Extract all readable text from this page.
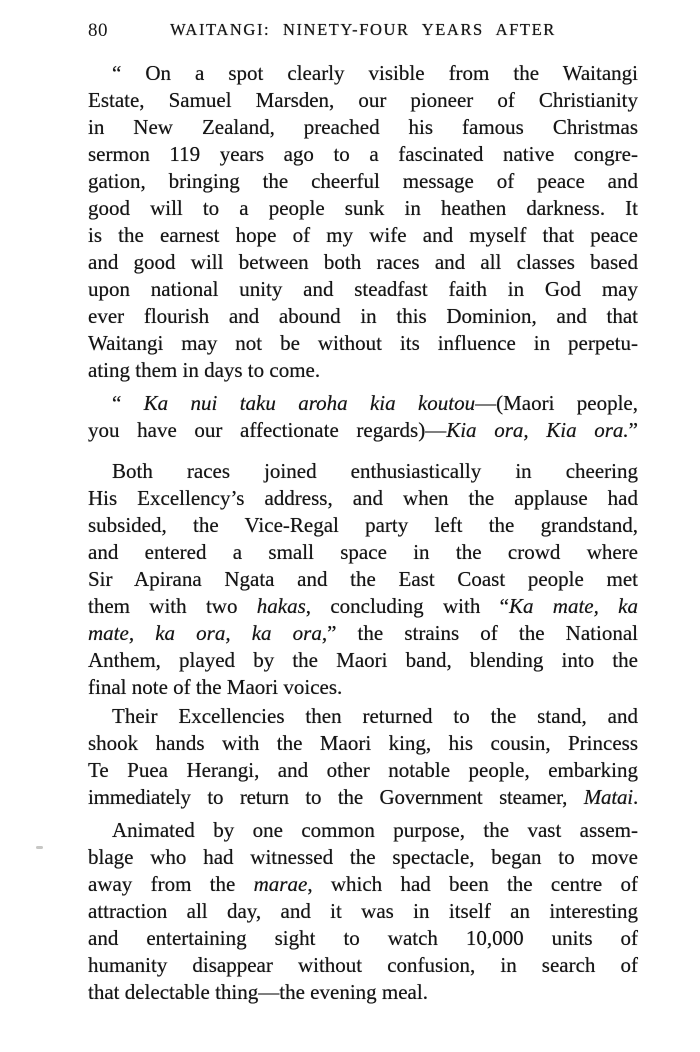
80	WAITANGI: NINETY-FOUR YEARS AFTER
“ On a spot clearly visible from the Waitangi
Estate, Samuel Marsden, our pioneer of Christianity
in New Zealand, preached his famous Christmas
sermon 119 years ago to a fascinated native congre-
gation, bringing the cheerful message of peace and
good will to a people sunk in heathen darkness. It
is the earnest hope of my wife and myself that peace
and good will between both races and all classes based
upon national unity and steadfast faith in God may
ever flourish and abound in this Dominion, and that
Waitangi may not be without its influence in perpetu-
ating them in days to come.
“ Ka nui taku aroha kia koutou—(Maori people,
you have our affectionate regards)—Kia ora, Kia ora.”
Both races joined enthusiastically in cheering
His Excellency’s address, and when the applause had
subsided, the Vice-Regal party left the grandstand,
and entered a small space in the crowd where
Sir Apirana Ngata and the East Coast people met
them with two hakas, concluding with “Ka mate, ka
mate, ka ora, ka ora,” the strains of the National
Anthem, played by the Maori band, blending into the
final note of the Maori voices.
Their Excellencies then returned to the stand, and
shook hands with the Maori king, his cousin, Princess
Te Puea Herangi, and other notable people, embarking
immediately to return to the Government steamer, Matai.
Animated by one common purpose, the vast assem-
blage who had witnessed the spectacle, began to move
away from the marae, which had been the centre of
attraction all day, and it was in itself an interesting
and entertaining sight to watch 10,000 units of
humanity disappear without confusion, in search of
that delectable thing—the evening meal.
